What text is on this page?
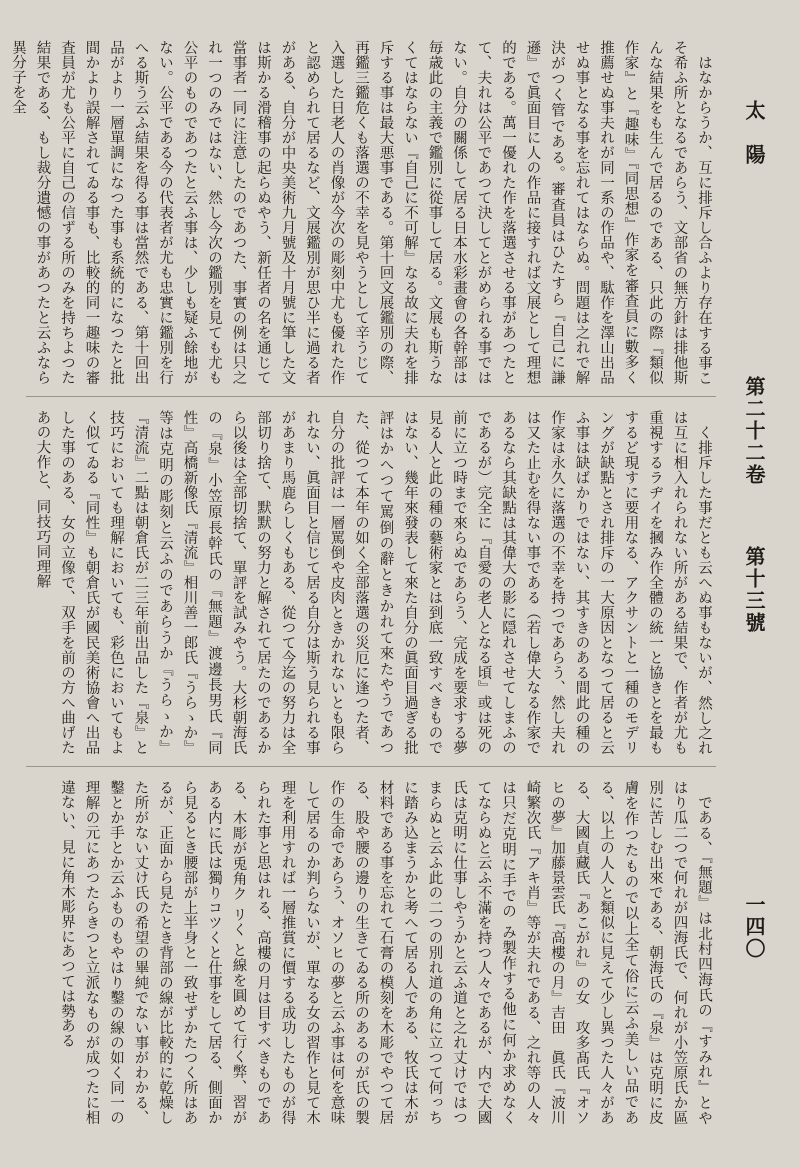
太　陽
第二十二卷
第十三號
一四〇

はなからうか、互に排斥し合ふより存在する事こそ希ふ所となるであらう、文部省の無方針は排他斯んな結果をも生んで居るのである、只此の際『類似作家』と『趣味』『同思想』作家を審査員に數多く推薦せぬ事夫れが同一系の作品や、駄作を澤山出品せぬ事となる事を忘れてはならぬ。問題は之れで解決がつく管である。審査員はひたすら『自己に謙遜』で眞面目に人の作品に接すれば文展として理想的である。萬一優れた作を落選させる事があつたとて、夫れは公平であつて決してとがめられる事ではない。自分の關係して居る日本水彩畫會の各幹部は毎歳此の主義で鑑別に從事して居る。文展も斯うなくてはならない『自己に不可解』なる故に夫れを排斥する事は最大悪事である。第十回文展鑑別の際、再鑑三鑑危くも落選の不幸を見やうとして辛うじて入選した日老人の肖像が今次の彫刻中尤も優れた作と認められて居るなど、文展鑑別が思ひ半に過る者がある、自分が中央美術九月號及十月號に筆した文は斯かる滑稽事の起らぬやう、新任者の名を通じて當事者一同に注意したのであつた、事實の例は只之れ一つのみではない、然し今次の鑑別を見ても尤も公平のものであつたと云ふ事は、少しも疑ふ餘地がない。公平である今の代表者が尤も忠實に鑑別を行へる斯う云ふ結果を得る事は當然である、第十回出品がより一層單調になつた事も系統的になつたと批間かより誤解されてゐる事も、比較的同一趣味の審査員が尤も公平に自己の信ずる所のみを持ちよつた結果である、もし裁分遺憾の事があつたと云ふなら異分子を全

く排斥した事だとも云へぬ事もないが、然し之れは互に相入れられない所がある結果で、作者が尤も重視するラヂイを摑み作全體の統一と協きとを最もするど現すに要用なる、アクサントと一種のモデリングが缺點とされ排斥の一大原因となつて居ると云ふ事は缺ばかりではない、其すきのある間此の種の作家は永久に落選の不幸を持つであらう、然し夫れは又た止むを得ない事である（若し偉大なる作家であるなら其缺點は其偉大の影に隠れさせてしまふのであるが）完全に『自愛の老人となる頃』或は死の前に立つ時まで來らぬであらう、完成を要求する夢見る人と此の種の藝術家とは到底一致すべきものではない、幾年來發表して來た自分の眞面目過ぎる批評はかへつて罵倒の辭ときかれて來たやうであつた、從つて本年の如く全部落選の災厄に逢つた者、自分の批評は一層罵倒や皮肉ときかれないとも限られない、眞面目と信じて居る自分は斯う見られる事があまり馬鹿らしくもある、從つて今迄の努力は全部切り捨て、默默の努力と解されて居たのであるから以後は全部切捨て、單評を試みやう。大杉朝海氏の『泉』小笠原長幹氏の『無題』渡邊長男氏『同性』高橋新像氏『清流』相川善一郎氏『うらゝか』等は克明の彫刻と云ふのであらうか『うらゝか』『清流』二點は朝倉氏が二三年前出品した『泉』と技巧においても理解においても、彩色においてもよく似てゐる『同性』も朝倉氏が國民美術協會へ出品した事のある、女の立像で、双手を前の方へ曲げたあの大作と、同技巧同理解

である、『無題』は北村四海氏の『すみれ』とやはり瓜二つで何れが四海氏で、何れが小笠原氏か區別に苦しむ出來である、朝海氏の『泉』は克明に皮膚を作つたもので以上全て俗に云ふ美しい品である、以上の人人と類似に見えて少し異つた人々がある、大國貞藏氏『あこがれ』の女　攻多髙氏『オソヒの夢』加藤景雲氏『高樓の月』吉田　眞氏『波川崎繁次氏『アキ肖』等が夫れである、之れ等の人々は只だ克明に手での み製作する他に何か求めなくてならぬと云ふ不滿を持つ人々であるが、内で大國氏は克明に仕事しやうかと云ふ道と之れ丈けではつまらぬと云ふ此の二つの別れ道の角に立つて何っちに踏み込まうかと考へて居る人である、牧氏は木が材料である事を忘れて石膏の模刻を木彫でやつて居る、股や腰の邊りの生きてゐる所のあるのが氏の製作の生命であらう、オソヒの夢と云ふ事は何を意味して居るのか判らないが、單なる女の習作と見て木理を利用すれば一層推賞に價する成功したものが得られた事と思はれる、高樓の月は目すべきものである、木彫が兎角ク リく と線を圓めて行く弊、習がある内に氏は獨りコツくと仕事をして居る、側面から見るとき腰部が上半身と一致せずかたつく所はあるが、正面から見たとき背部の線が比較的に乾燥した所がない丈け氏の希望の畢純でない事がわかる、鑿とか手とか云ふものもやはり鑿の線の如く同一の理解の元にあつたらきつと立派なものが成つたに相違ない、見に角木彫界にあつては勢ある
